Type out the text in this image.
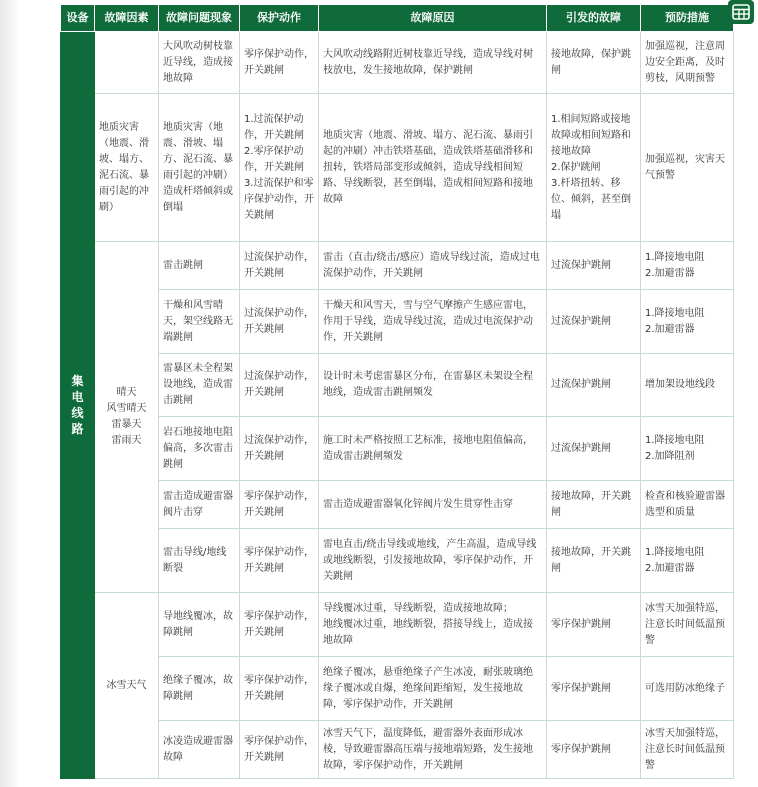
设备	故障因素	故障问题现象	保护动作	故障原因	引发的故障	预防措施
集电线路		大风吹动树枝靠近导线，造成接地故障	零序保护动作，开关跳闸	大风吹动线路附近树枝靠近导线，造成导线对树枝放电，发生接地故障，保护跳闸	接地故障，保护跳闸	加强巡视，注意周边安全距离，及时剪枝，风期预警
	地质灾害（地震、滑坡、塌方、泥石流、暴雨引起的冲刷）	地质灾害（地震、滑坡、塌方、泥石流、暴雨引起的冲刷）造成杆塔倾斜或倒塌	1.过流保护动作，开关跳闸
2.零序保护动作，开关跳闸
3.过流保护和零序保护动作，开关跳闸	地质灾害（地震、滑坡、塌方、泥石流、暴雨引起的冲刷）冲击铁塔基础，造成铁塔基础滑移和扭转，铁塔局部变形或倾斜，造成导线相间短路、导线断裂，甚至倒塌，造成相间短路和接地故障	1.相间短路或接地故障或相间短路和接地故障
2.保护跳闸
3.杆塔扭转、移位、倾斜，甚至倒塌	加强巡视，灾害天气预警
	晴天
风雪晴天
雷暴天
雷雨天	雷击跳闸	过流保护动作，开关跳闸	雷击（直击/绕击/感应）造成导线过流，造成过电流保护动作，开关跳闸	过流保护跳闸	1.降接地电阻
2.加避雷器
		干燥和风雪晴天，架空线路无端跳闸	过流保护动作，开关跳闸	干燥天和风雪天，雪与空气摩擦产生感应雷电，作用于导线，造成导线过流，造成过电流保护动作，开关跳闸	过流保护跳闸	1.降接地电阻
2.加避雷器
		雷暴区未全程架设地线，造成雷击跳闸	过流保护动作，开关跳闸	设计时未考虑雷暴区分布，在雷暴区未架设全程地线，造成雷击跳闸频发	过流保护跳闸	增加架设地线段
		岩石地接地电阻偏高，多次雷击跳闸	过流保护动作，开关跳闸	施工时未严格按照工艺标准，接地电阻值偏高，造成雷击跳闸频发	过流保护跳闸	1.降接地电阻
2.加降阻剂
		雷击造成避雷器阀片击穿	零序保护动作，开关跳闸	雷击造成避雷器氧化锌阀片发生贯穿性击穿	接地故障，开关跳闸	检查和核验避雷器选型和质量
		雷击导线/地线断裂	零序保护动作，开关跳闸	雷电直击/绕击导线或地线，产生高温，造成导线或地线断裂，引发接地故障，零序保护动作，开关跳闸	接地故障，开关跳闸	1.降接地电阻
2.加避雷器
	冰雪天气	导地线覆冰，故障跳闸	零序保护动作，开关跳闸	导线覆冰过重，导线断裂，造成接地故障；
地线覆冰过重，地线断裂，搭接导线上，造成接地故障	零序保护跳闸	冰雪天加强特巡，注意长时间低温预警
		绝缘子覆冰，故障跳闸	零序保护动作，开关跳闸	绝缘子覆冰，悬垂绝缘子产生冰凌，耐张玻璃绝缘子覆冰或自爆，绝缘间距缩短，发生接地故障，零序保护动作，开关跳闸	零序保护跳闸	可选用防冰绝缘子
		冰凌造成避雷器故障	零序保护动作，开关跳闸	冰雪天气下，温度降低，避雷器外表面形成冰棱，导致避雷器高压端与接地端短路，发生接地故障，零序保护动作，开关跳闸	零序保护跳闸	冰雪天加强特巡，注意长时间低温预警
